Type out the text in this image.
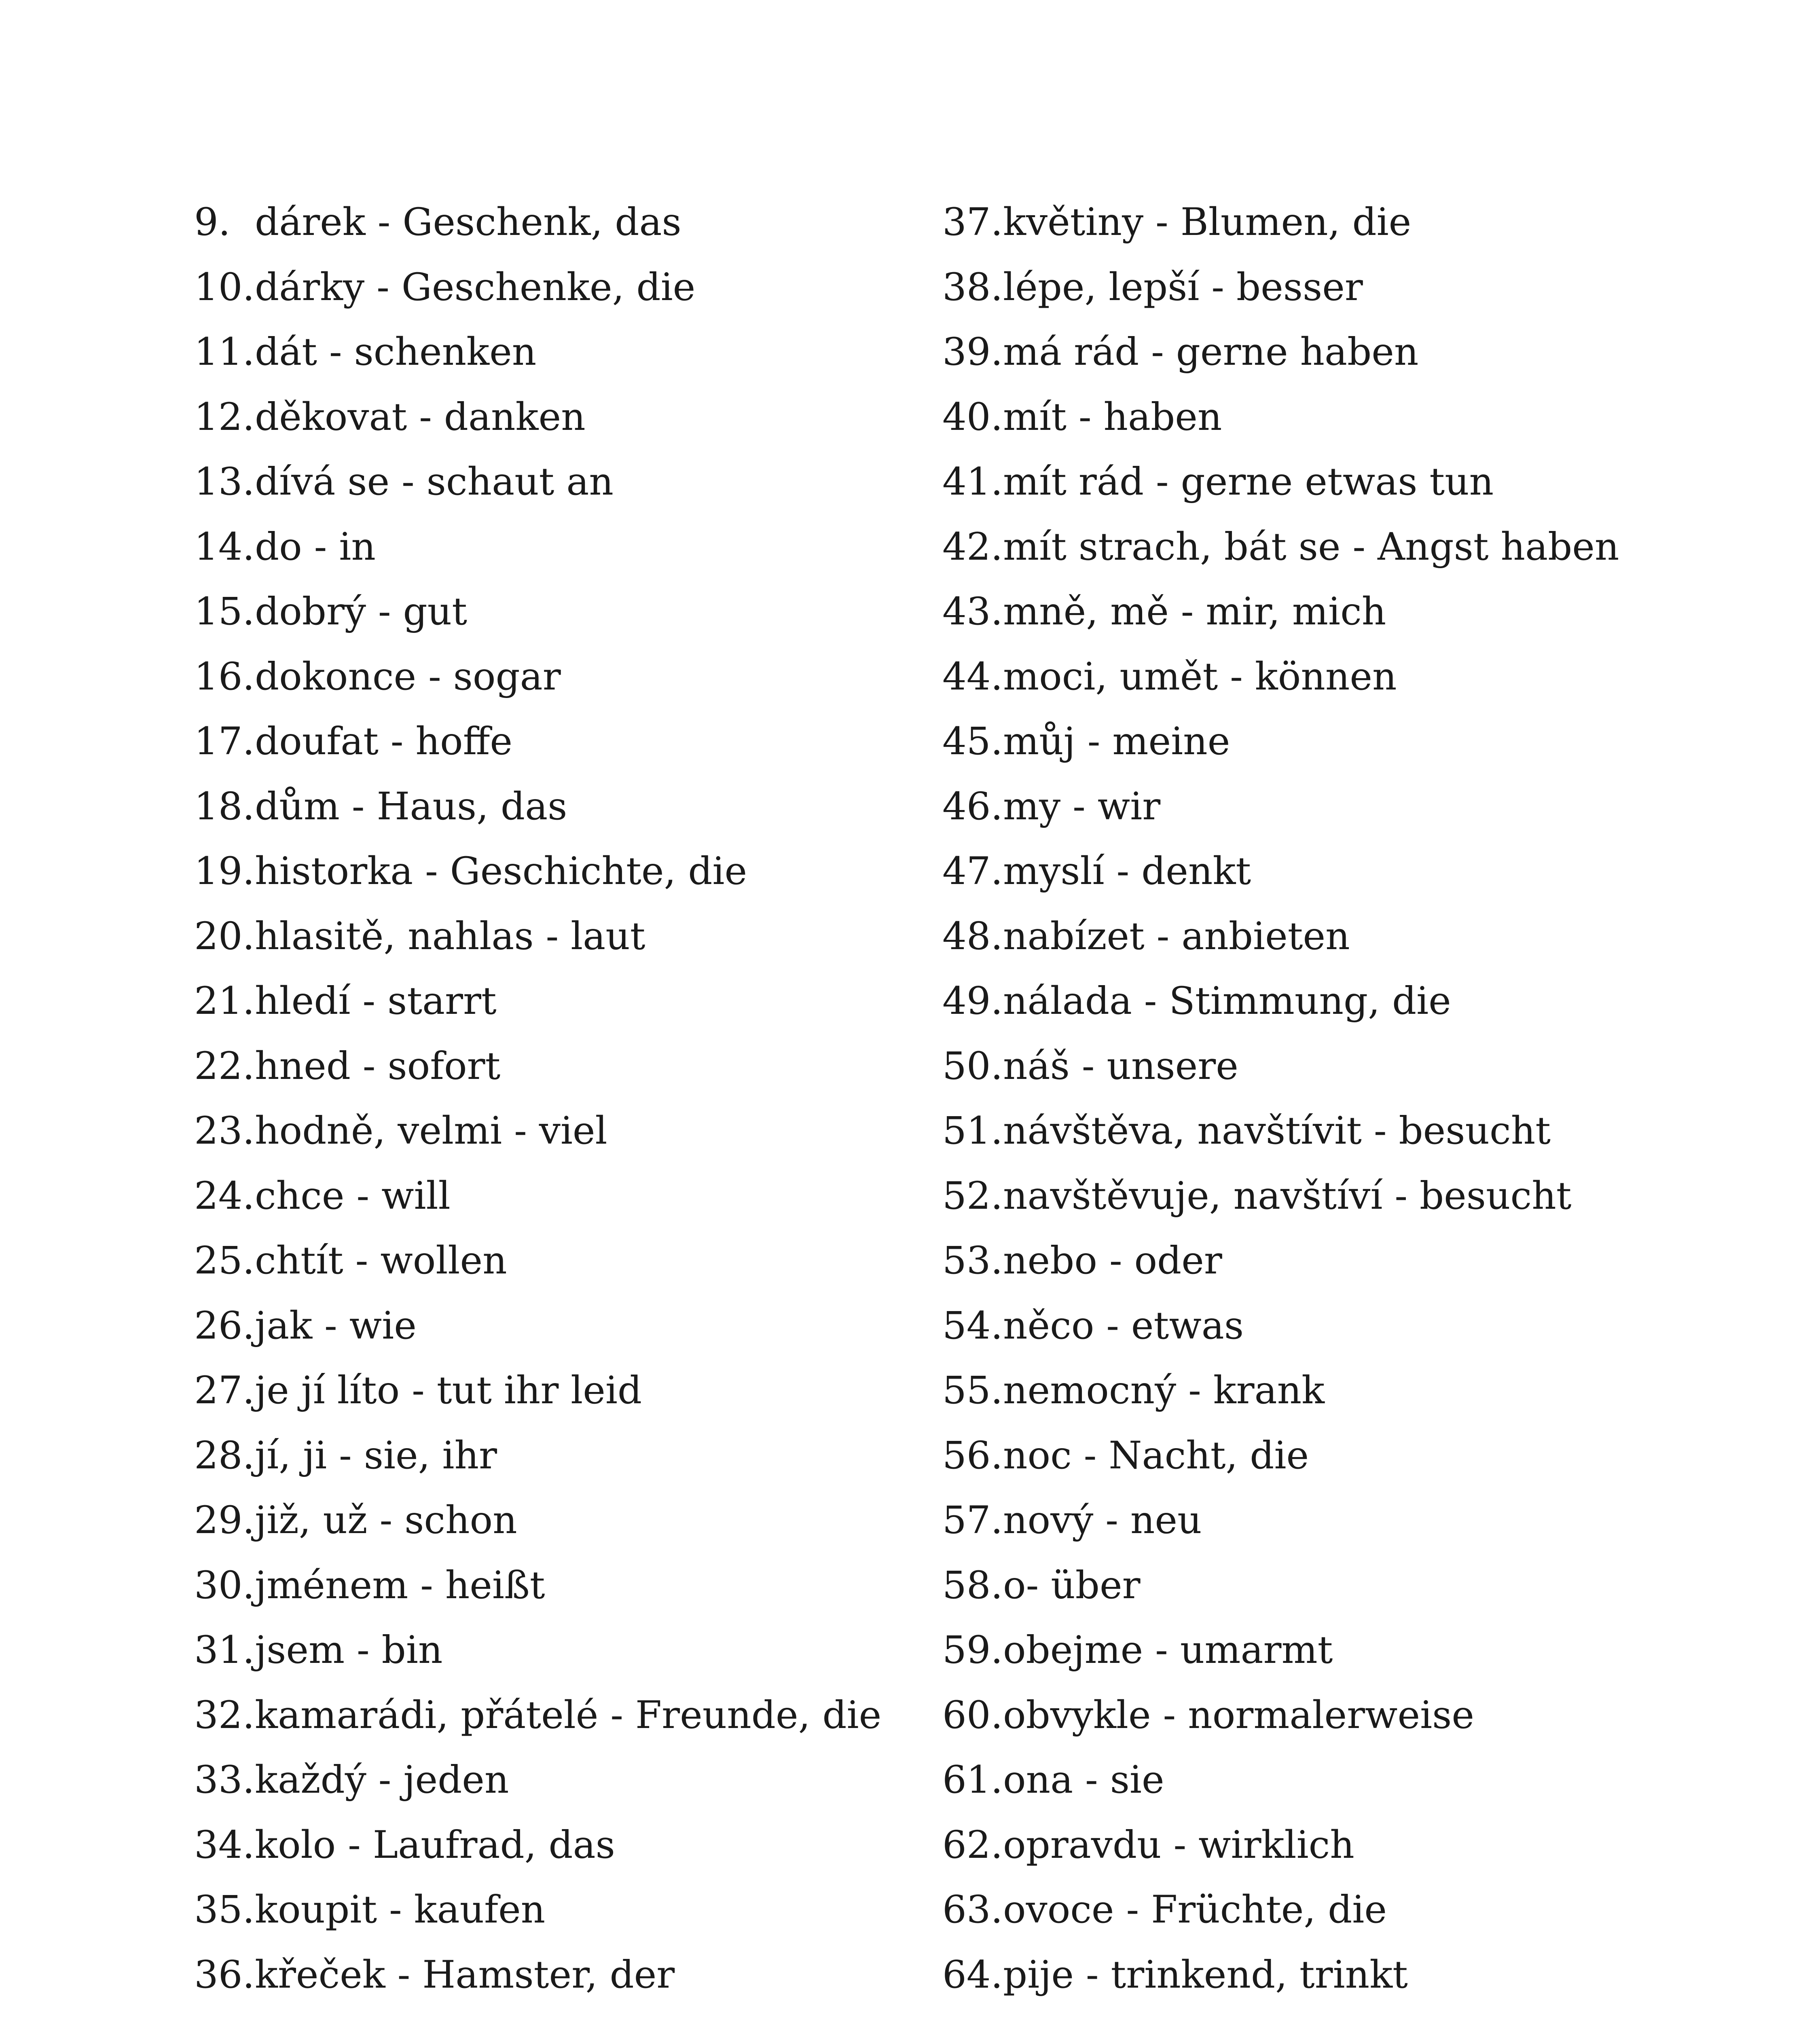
9. dárek - Geschenk, das
10. dárky - Geschenke, die
11. dát - schenken
12. děkovat - danken
13. dívá se - schaut an
14. do - in
15. dobrý - gut
16. dokonce - sogar
17. doufat - hoffe
18. dům - Haus, das
19. historka - Geschichte, die
20. hlasitě, nahlas - laut
21. hledí - starrt
22. hned - sofort
23. hodně, velmi - viel
24. chce - will
25. chtít - wollen
26. jak - wie
27. je jí líto - tut ihr leid
28. jí, ji - sie, ihr
29. již, už - schon
30. jménem - heißt
31. jsem - bin
32. kamarádi, přátelé - Freunde, die
33. každý - jeden
34. kolo - Laufrad, das
35. koupit - kaufen
36. křeček - Hamster, der
37. květiny - Blumen, die
38. lépe, lepší - besser
39. má rád - gerne haben
40. mít - haben
41. mít rád - gerne etwas tun
42. mít strach, bát se - Angst haben
43. mně, mě - mir, mich
44. moci, umět - können
45. můj - meine
46. my - wir
47. myslí - denkt
48. nabízet - anbieten
49. nálada - Stimmung, die
50. náš - unsere
51. návštěva, navštívit - besucht
52. navštěvuje, navštíví - besucht
53. nebo - oder
54. něco - etwas
55. nemocný - krank
56. noc - Nacht, die
57. nový - neu
58. o- über
59. obejme - umarmt
60. obvykle - normalerweise
61. ona - sie
62. opravdu - wirklich
63. ovoce - Früchte, die
64. pije - trinkend, trinkt
